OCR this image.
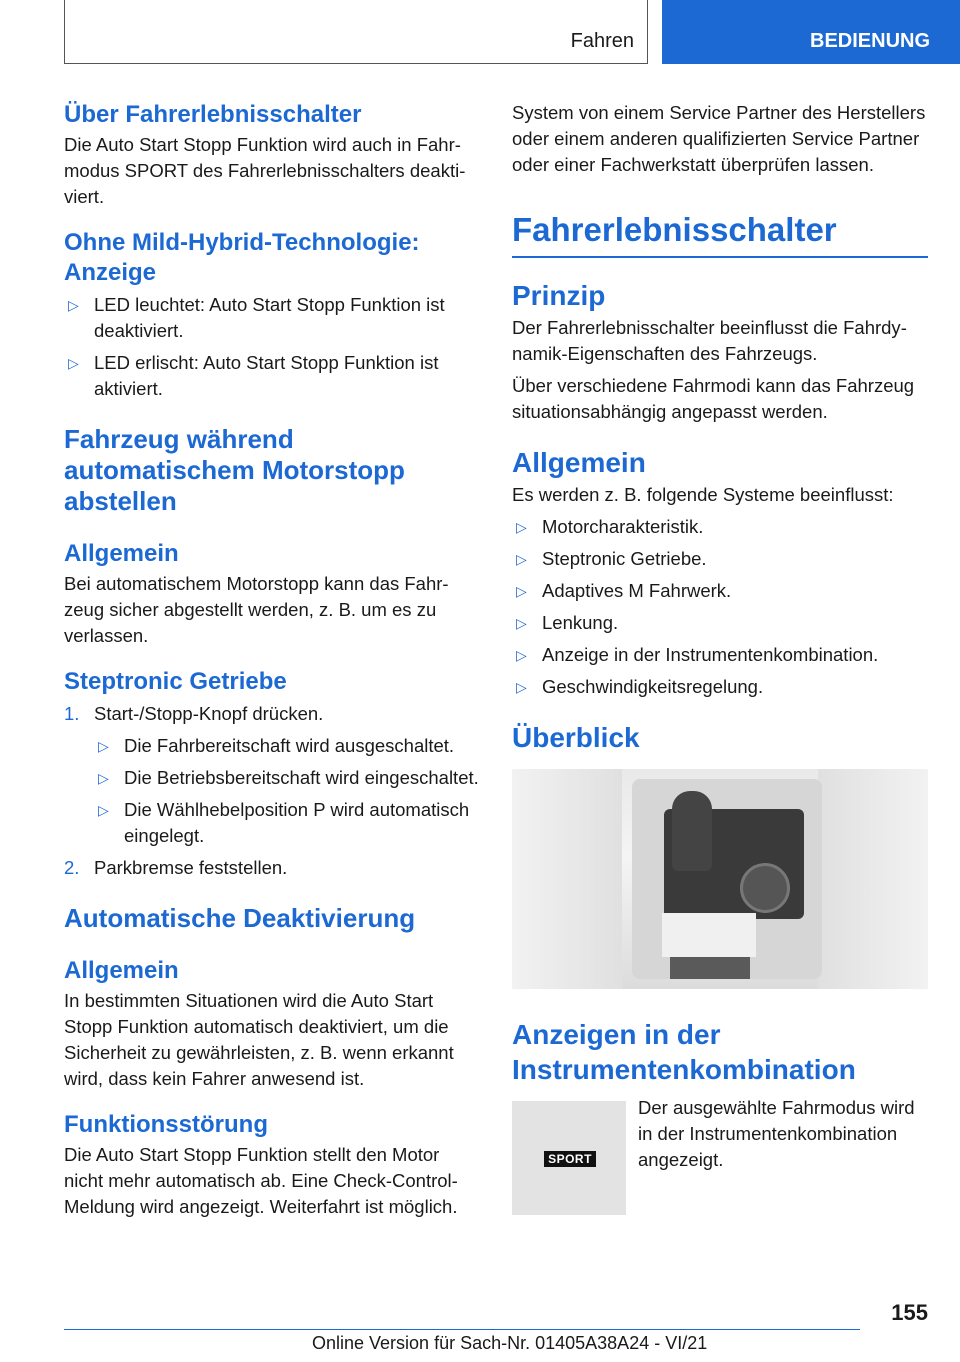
Fahren	BEDIENUNG
Über Fahrerlebnisschalter

Die Auto Start Stopp Funktion wird auch in Fahrmodus SPORT des Fahrerlebnisschalters deaktiviert.

Ohne Mild-Hybrid-Technologie: Anzeige
▷ LED leuchtet: Auto Start Stopp Funktion ist deaktiviert.
▷ LED erlischt: Auto Start Stopp Funktion ist aktiviert.
Fahrzeug während automatischem Motorstopp abstellen
Allgemein

Bei automatischem Motorstopp kann das Fahrzeug sicher abgestellt werden, z. B. um es zu verlassen.

Steptronic Getriebe
1. Start-/Stopp-Knopf drücken.
▷ Die Fahrbereitschaft wird ausgeschaltet.
▷ Die Betriebsbereitschaft wird eingeschaltet.
▷ Die Wählhebelposition P wird automatisch eingelegt.
2. Parkbremse feststellen.
Automatische Deaktivierung
Allgemein

In bestimmten Situationen wird die Auto Start Stopp Funktion automatisch deaktiviert, um die Sicherheit zu gewährleisten, z. B. wenn erkannt wird, dass kein Fahrer anwesend ist.

Funktionsstörung

Die Auto Start Stopp Funktion stellt den Motor nicht mehr automatisch ab. Eine Check-Control-Meldung wird angezeigt. Weiterfahrt ist möglich.

System von einem Service Partner des Herstellers oder einem anderen qualifizierten Service Partner oder einer Fachwerkstatt überprüfen lassen.

Fahrerlebnisschalter
Prinzip

Der Fahrerlebnisschalter beeinflusst die Fahrdynamik-Eigenschaften des Fahrzeugs.

Über verschiedene Fahrmodi kann das Fahrzeug situationsabhängig angepasst werden.

Allgemein

Es werden z. B. folgende Systeme beeinflusst:

▷ Motorcharakteristik.
▷ Steptronic Getriebe.
▷ Adaptives M Fahrwerk.
▷ Lenkung.
▷ Anzeige in der Instrumentenkombination.
▷ Geschwindigkeitsregelung.
Überblick
Anzeigen in der Instrumentenkombination
SPORT
Der ausgewählte Fahrmodus wird in der Instrumentenkombination angezeigt.
155
Online Version für Sach-Nr. 01405A38A24 - VI/21
